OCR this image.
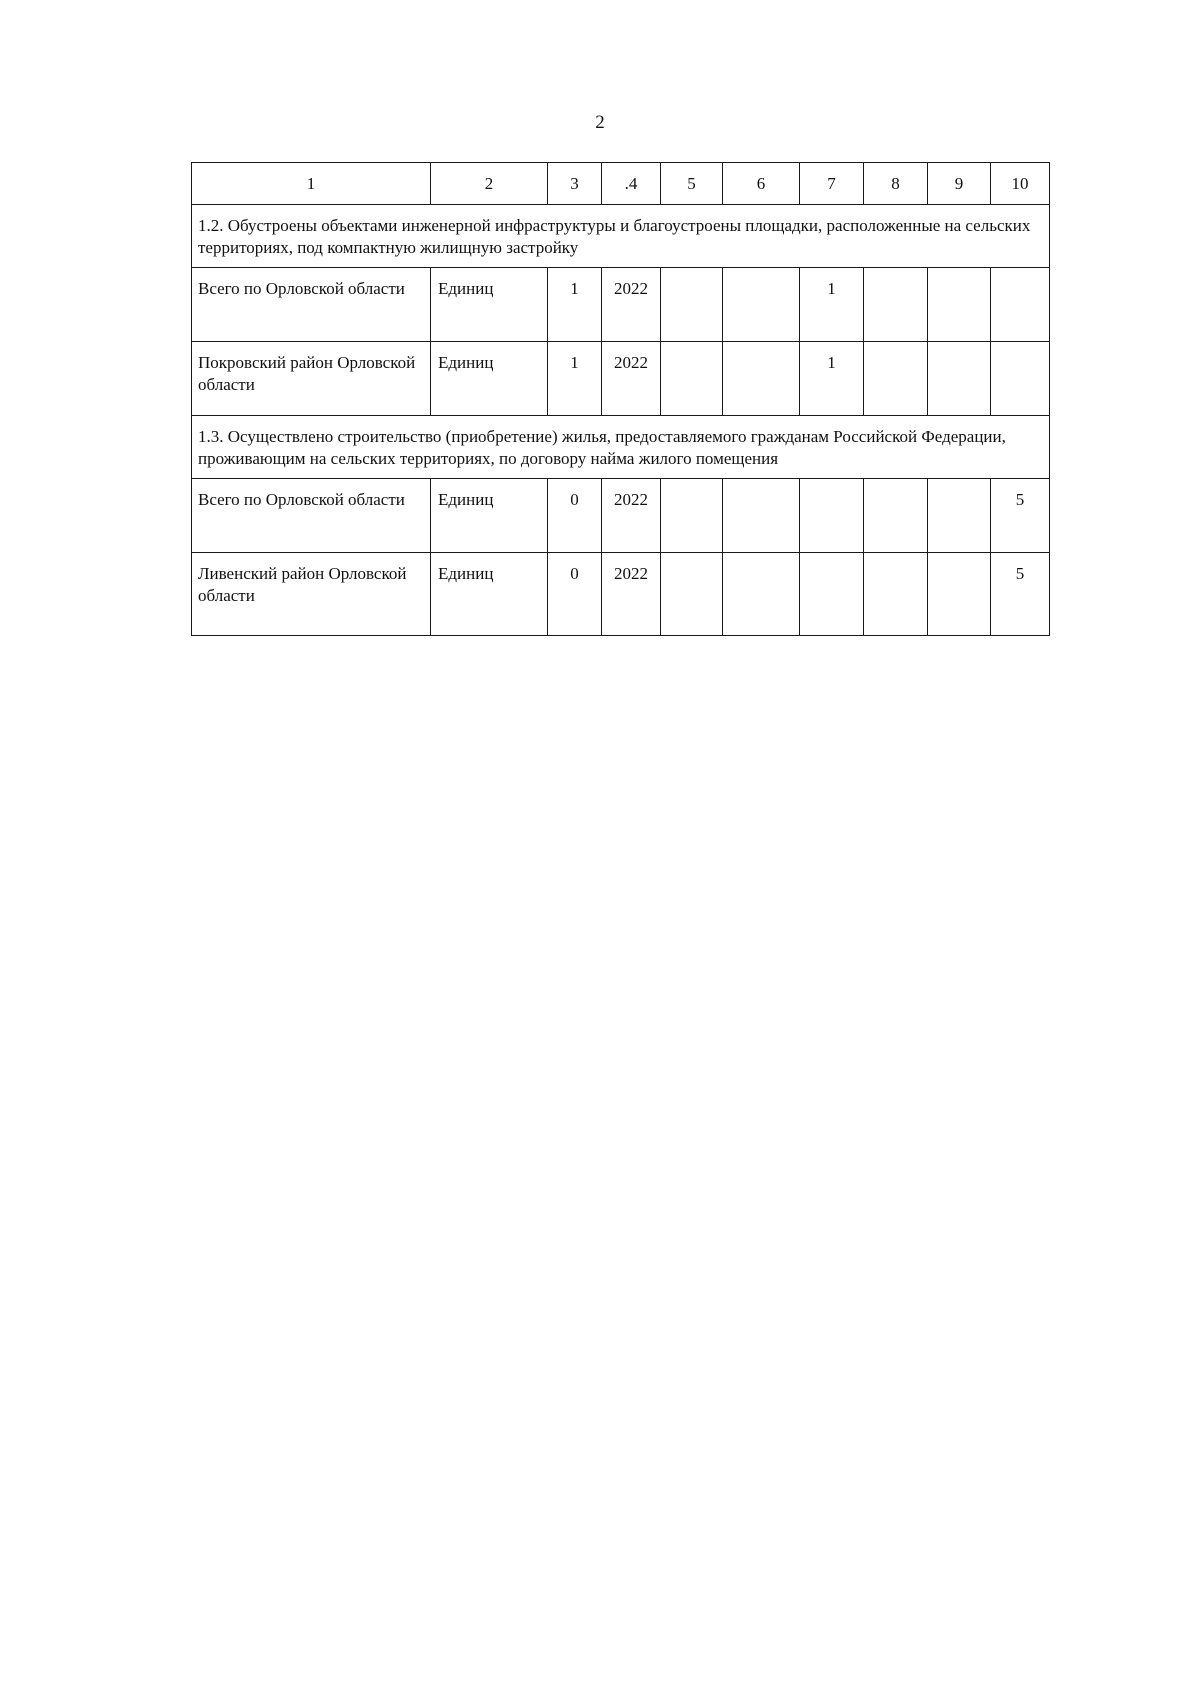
2
1	2	3	.4	5	6	7	8	9	10
1.2. Обустроены объектами инженерной инфраструктуры и благоустроены площадки, расположенные на сельских территориях, под компактную жилищную застройку									
Всего по Орловской области	Единиц	1	2022			1			
Покровский район Орловской области	Единиц	1	2022			1			
1.3. Осуществлено строительство (приобретение) жилья, предоставляемого гражданам Российской Федерации, проживающим на сельских территориях, по договору найма жилого помещения									
Всего по Орловской области	Единиц	0	2022						5
Ливенский район Орловской области	Единиц	0	2022						5
